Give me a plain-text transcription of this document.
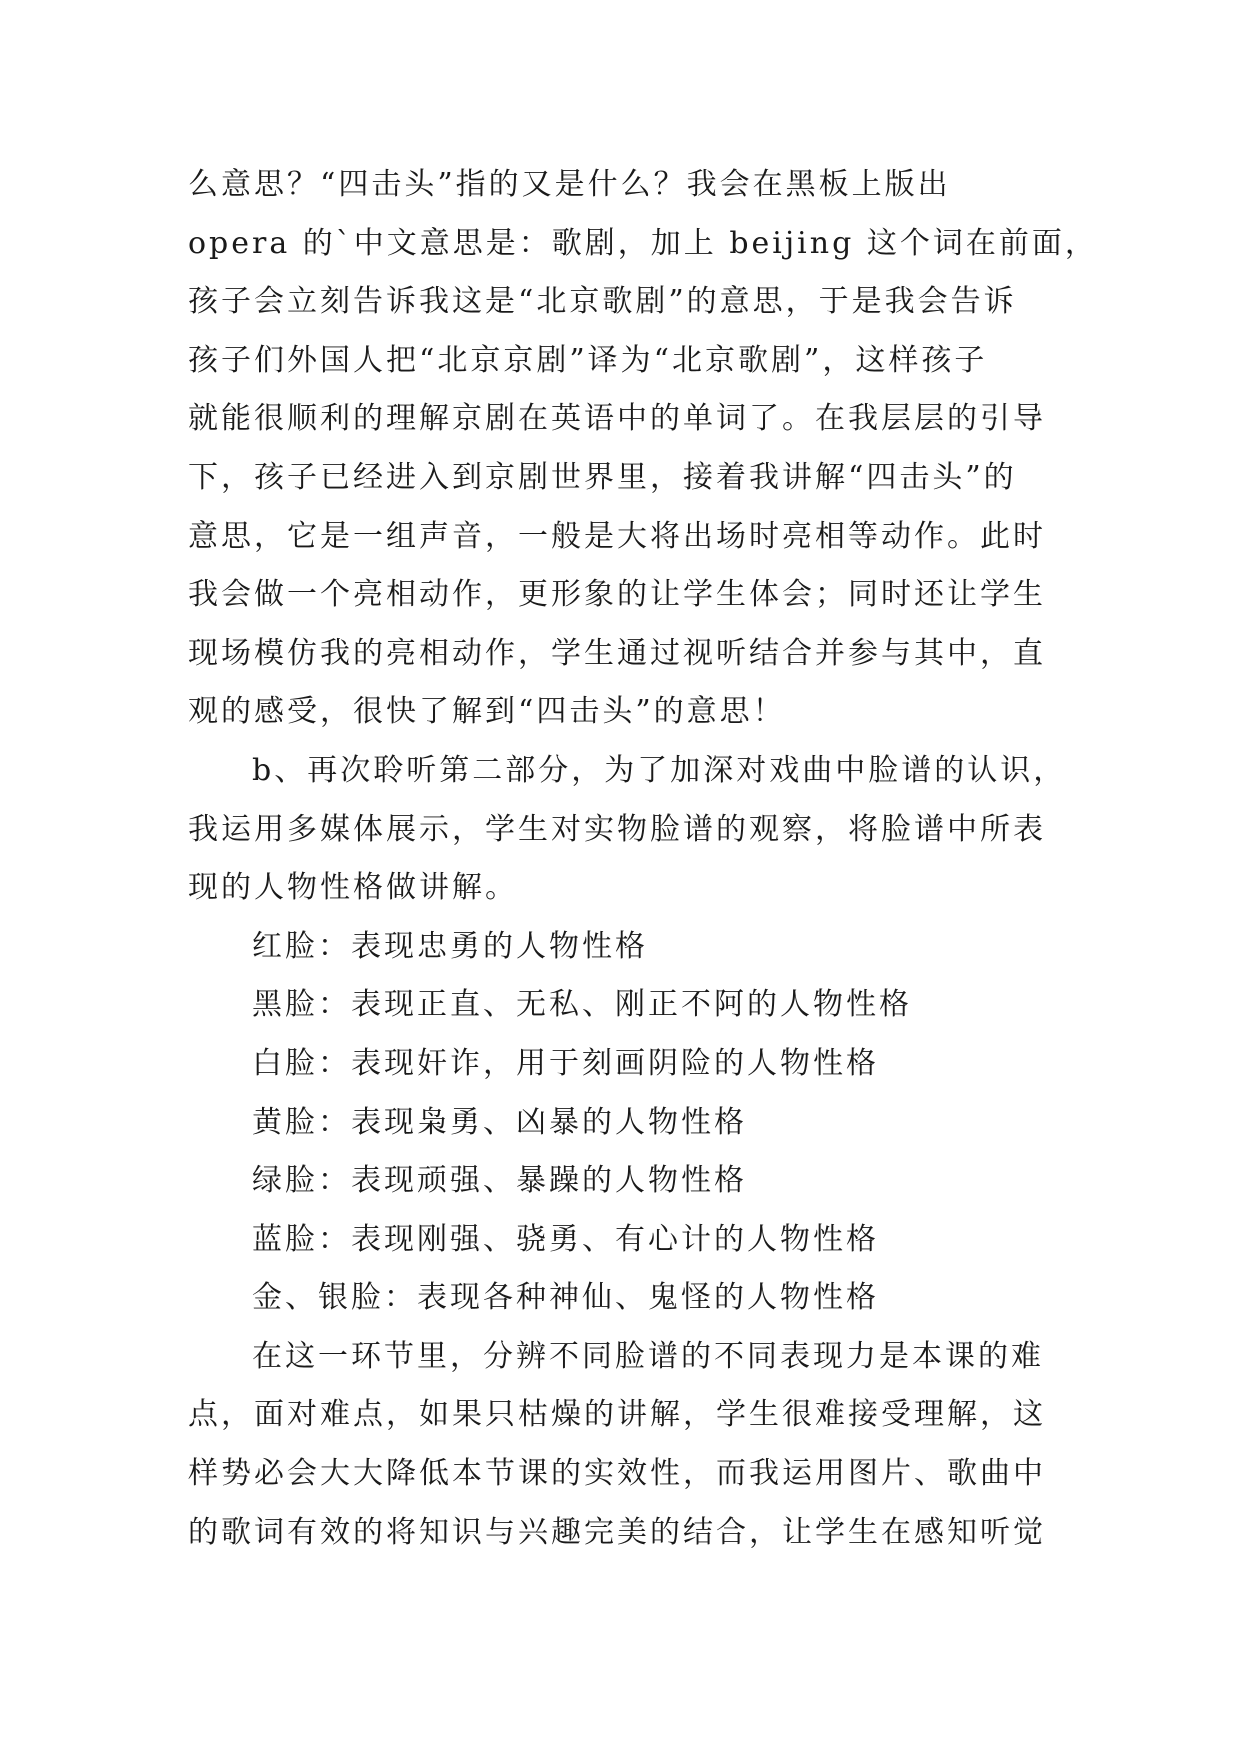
么意思？“四击头”指的又是什么？我会在黑板上版出
opera 的`中文意思是：歌剧，加上 beijing 这个词在前面，
孩子会立刻告诉我这是“北京歌剧”的意思，于是我会告诉
孩子们外国人把“北京京剧”译为“北京歌剧”，这样孩子
就能很顺利的理解京剧在英语中的单词了。在我层层的引导
下，孩子已经进入到京剧世界里，接着我讲解“四击头”的
意思，它是一组声音，一般是大将出场时亮相等动作。此时
我会做一个亮相动作，更形象的让学生体会；同时还让学生
现场模仿我的亮相动作，学生通过视听结合并参与其中，直
观的感受，很快了解到“四击头”的意思！
b、再次聆听第二部分，为了加深对戏曲中脸谱的认识，
我运用多媒体展示，学生对实物脸谱的观察，将脸谱中所表
现的人物性格做讲解。
红脸：表现忠勇的人物性格
黑脸：表现正直、无私、刚正不阿的人物性格
白脸：表现奸诈，用于刻画阴险的人物性格
黄脸：表现枭勇、凶暴的人物性格
绿脸：表现顽强、暴躁的人物性格
蓝脸：表现刚强、骁勇、有心计的人物性格
金、银脸：表现各种神仙、鬼怪的人物性格
在这一环节里，分辨不同脸谱的不同表现力是本课的难
点，面对难点，如果只枯燥的讲解，学生很难接受理解，这
样势必会大大降低本节课的实效性，而我运用图片、歌曲中
的歌词有效的将知识与兴趣完美的结合，让学生在感知听觉
